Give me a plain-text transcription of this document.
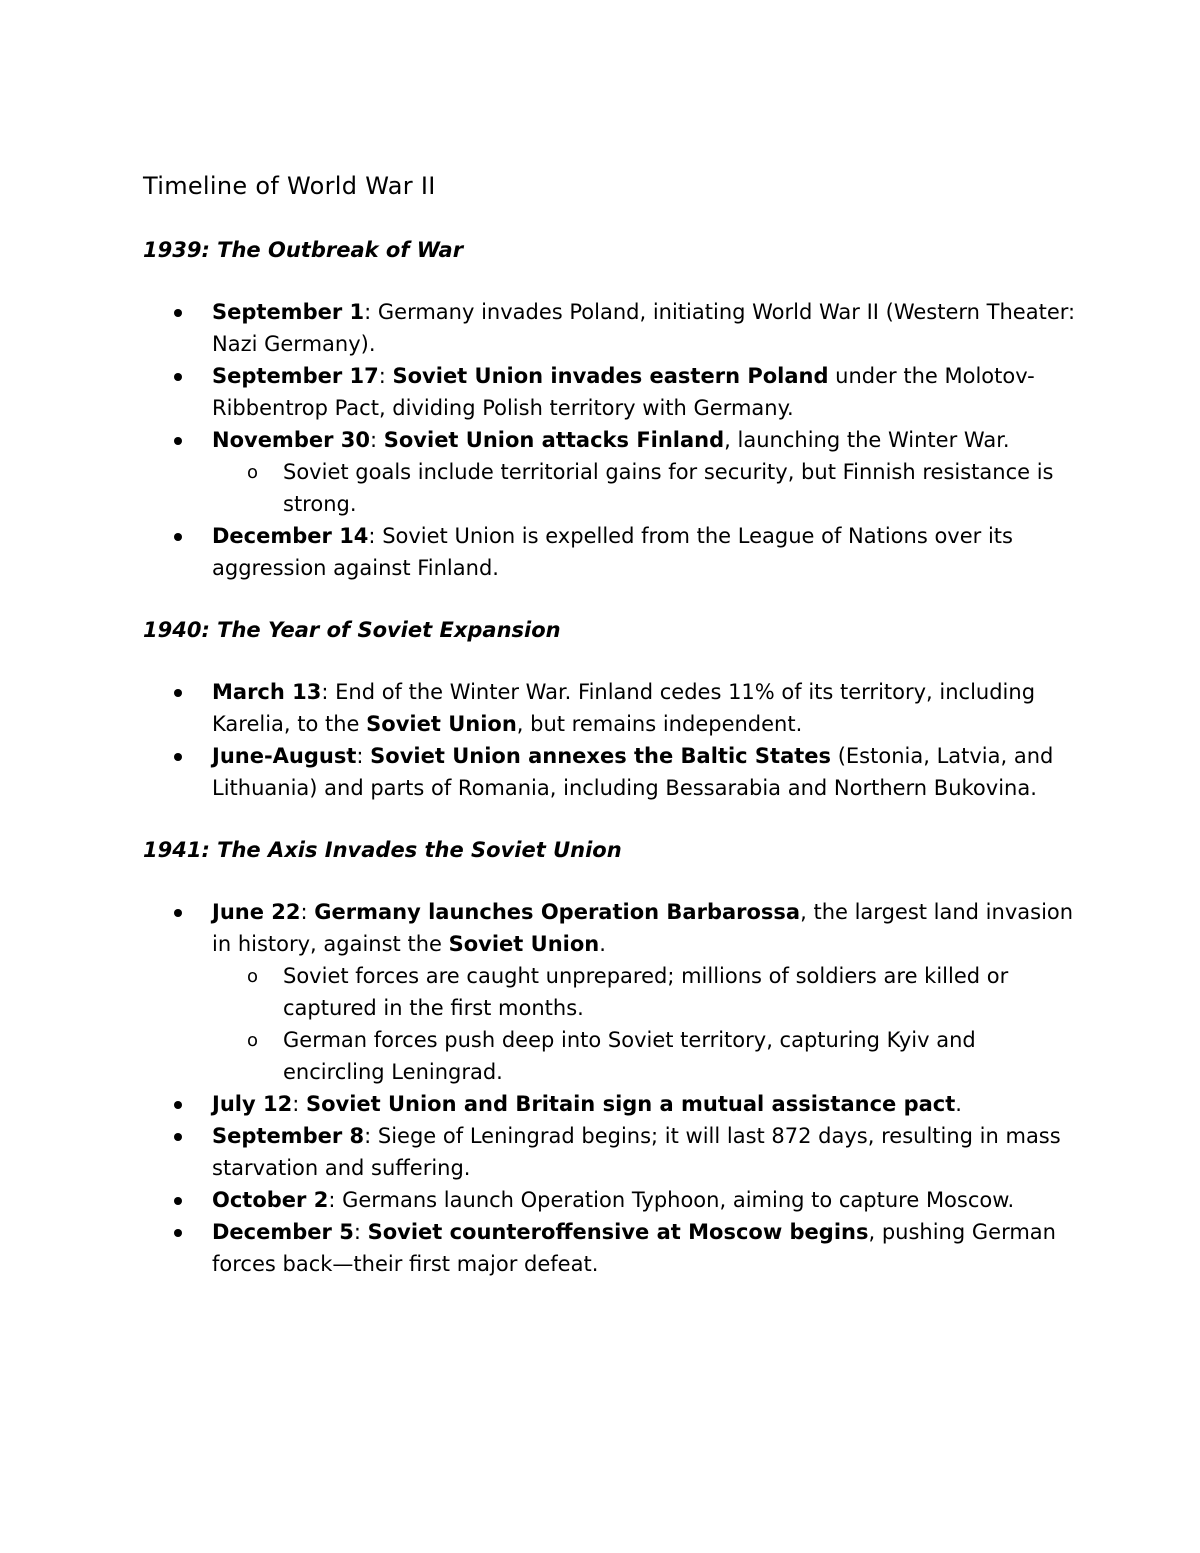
Timeline of World War II
1939: The Outbreak of War
September 1: Germany invades Poland, initiating World War II (Western Theater: Nazi Germany).
September 17: Soviet Union invades eastern Poland under the Molotov-Ribbentrop Pact, dividing Polish territory with Germany.
November 30: Soviet Union attacks Finland, launching the Winter War.
o Soviet goals include territorial gains for security, but Finnish resistance is strong.
December 14: Soviet Union is expelled from the League of Nations over its aggression against Finland.
1940: The Year of Soviet Expansion
March 13: End of the Winter War. Finland cedes 11% of its territory, including Karelia, to the Soviet Union, but remains independent.
June-August: Soviet Union annexes the Baltic States (Estonia, Latvia, and Lithuania) and parts of Romania, including Bessarabia and Northern Bukovina.
1941: The Axis Invades the Soviet Union
June 22: Germany launches Operation Barbarossa, the largest land invasion in history, against the Soviet Union.
o Soviet forces are caught unprepared; millions of soldiers are killed or captured in the first months.
o German forces push deep into Soviet territory, capturing Kyiv and encircling Leningrad.
July 12: Soviet Union and Britain sign a mutual assistance pact.
September 8: Siege of Leningrad begins; it will last 872 days, resulting in mass starvation and suffering.
October 2: Germans launch Operation Typhoon, aiming to capture Moscow.
December 5: Soviet counteroffensive at Moscow begins, pushing German forces back—their first major defeat.
